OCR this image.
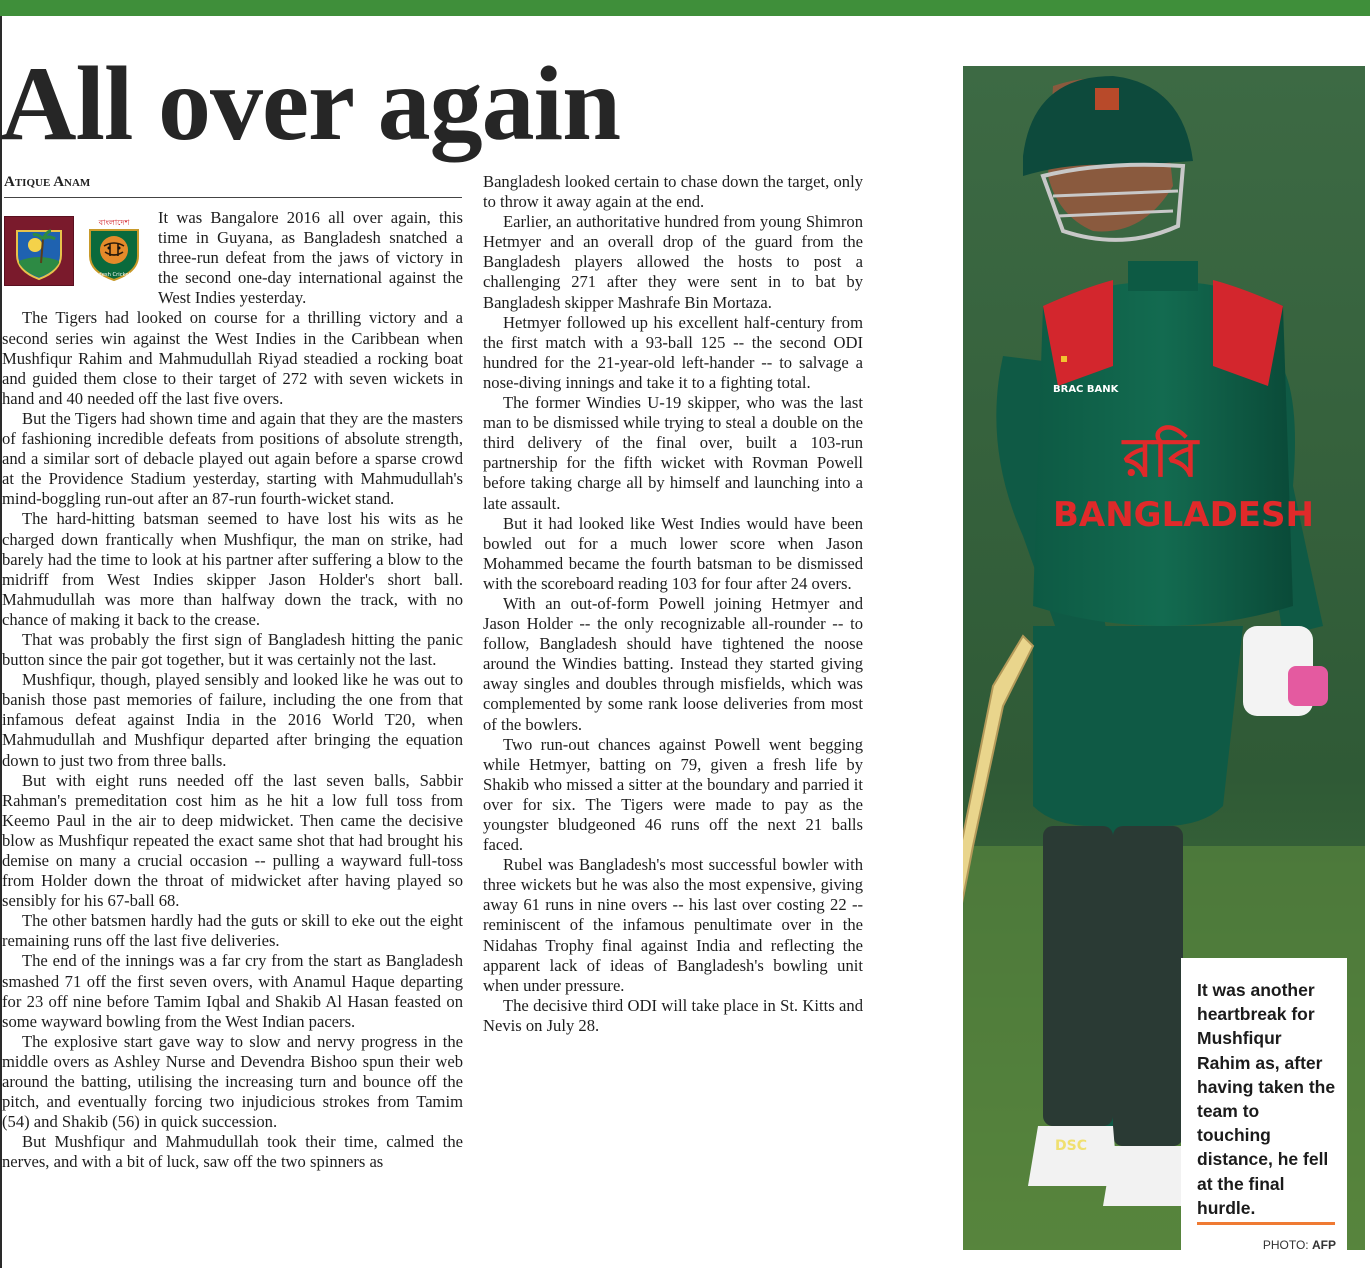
All over again
Atique Anam
বাংলাদেশ
Bangladesh Cricket Board

It was Bangalore 2016 all over again, this time in Guyana, as Bangladesh snatched a three-run defeat from the jaws of victory in the second one-day international against the West Indies yesterday.

The Tigers had looked on course for a thrilling victory and a second series win against the West Indies in the Caribbean when Mushfiqur Rahim and Mahmudullah Riyad steadied a rocking boat and guided them close to their target of 272 with seven wickets in hand and 40 needed off the last five overs.

But the Tigers had shown time and again that they are the masters of fashioning incredible defeats from positions of absolute strength, and a similar sort of debacle played out again before a sparse crowd at the Providence Stadium yesterday, starting with Mahmudullah's mind-boggling run-out after an 87-run fourth-wicket stand.

The hard-hitting batsman seemed to have lost his wits as he charged down frantically when Mushfiqur, the man on strike, had barely had the time to look at his partner after suffering a blow to the midriff from West Indies skipper Jason Holder's short ball. Mahmudullah was more than halfway down the track, with no chance of making it back to the crease.

That was probably the first sign of Bangladesh hitting the panic button since the pair got together, but it was certainly not the last.

Mushfiqur, though, played sensibly and looked like he was out to banish those past memories of failure, including the one from that infamous defeat against India in the 2016 World T20, when Mahmudullah and Mushfiqur departed after bringing the equation down to just two from three balls.

But with eight runs needed off the last seven balls, Sabbir Rahman's premeditation cost him as he hit a low full toss from Keemo Paul in the air to deep midwicket. Then came the decisive blow as Mushfiqur repeated the exact same shot that had brought his demise on many a crucial occasion -- pulling a wayward full-toss from Holder down the throat of midwicket after having played so sensibly for his 67-ball 68.

The other batsmen hardly had the guts or skill to eke out the eight remaining runs off the last five deliveries.

The end of the innings was a far cry from the start as Bangladesh smashed 71 off the first seven overs, with Anamul Haque departing for 23 off nine before Tamim Iqbal and Shakib Al Hasan feasted on some wayward bowling from the West Indian pacers.

The explosive start gave way to slow and nervy progress in the middle overs as Ashley Nurse and Devendra Bishoo spun their web around the batting, utilising the increasing turn and bounce off the pitch, and eventually forcing two injudicious strokes from Tamim (54) and Shakib (56) in quick succession.

But Mushfiqur and Mahmudullah took their time, calmed the nerves, and with a bit of luck, saw off the two spinners as

Bangladesh looked certain to chase down the target, only to throw it away again at the end.

Earlier, an authoritative hundred from young Shimron Hetmyer and an overall drop of the guard from the Bangladesh players allowed the hosts to post a challenging 271 after they were sent in to bat by Bangladesh skipper Mashrafe Bin Mortaza.

Hetmyer followed up his excellent half-century from the first match with a 93-ball 125 -- the second ODI hundred for the 21-year-old left-hander -- to salvage a nose-diving innings and take it to a fighting total.

The former Windies U-19 skipper, who was the last man to be dismissed while trying to steal a double on the third delivery of the final over, built a 103-run partnership for the fifth wicket with Rovman Powell before taking charge all by himself and launching into a late assault.

But it had looked like West Indies would have been bowled out for a much lower score when Jason Mohammed became the fourth batsman to be dismissed with the scoreboard reading 103 for four after 24 overs.

With an out-of-form Powell joining Hetmyer and Jason Holder -- the only recognizable all-rounder -- to follow, Bangladesh should have tightened the noose around the Windies batting. Instead they started giving away singles and doubles through misfields, which was complemented by some rank loose deliveries from most of the bowlers.

Two run-out chances against Powell went begging while Hetmyer, batting on 79, given a fresh life by Shakib who missed a sitter at the boundary and parried it over for six. The Tigers were made to pay as the youngster bludgeoned 46 runs off the next 21 balls faced.

Rubel was Bangladesh's most successful bowler with three wickets but he was also the most expensive, giving away 61 runs in nine overs -- his last over costing 22 -- reminiscent of the infamous penultimate over in the Nidahas Trophy final against India and reflecting the apparent lack of ideas of Bangladesh's bowling unit when under pressure.

The decisive third ODI will take place in St. Kitts and Nevis on July 28.

রবি
BANGLADESH
BRAC BANK
DSC
It was another heartbreak for Mushfiqur Rahim as, after having taken the team to touching distance, he fell at the final hurdle.
PHOTO: AFP
